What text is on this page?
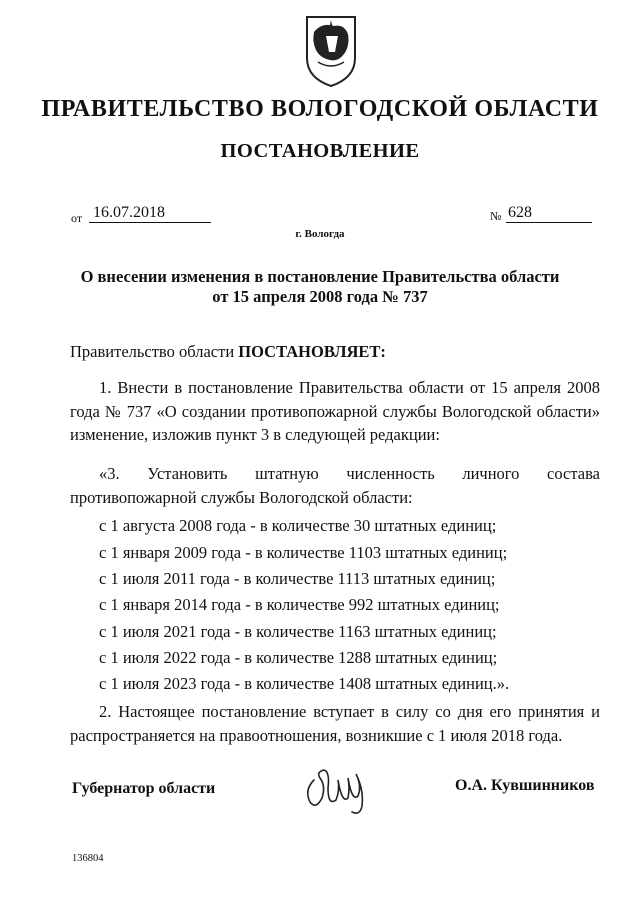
ПРАВИТЕЛЬСТВО ВОЛОГОДСКОЙ ОБЛАСТИ
ПОСТАНОВЛЕНИЕ
от 16.07.2018	№ 628
г. Вологда
О внесении изменения в постановление Правительства области
от 15 апреля 2008 года № 737
Правительство области ПОСТАНОВЛЯЕТ:
1. Внести в постановление Правительства области от 15 апреля 2008 года № 737 «О создании противопожарной службы Вологодской области» изменение, изложив пункт 3 в следующей редакции:
«3. Установить штатную численность личного состава противопожарной службы Вологодской области:
с 1 августа 2008 года - в количестве 30 штатных единиц;
с 1 января 2009 года - в количестве 1103 штатных единиц;
с 1 июля 2011 года - в количестве 1113 штатных единиц;
с 1 января 2014 года - в количестве 992 штатных единиц;
с 1 июля 2021 года - в количестве 1163 штатных единиц;
с 1 июля 2022 года - в количестве 1288 штатных единиц;
с 1 июля 2023 года - в количестве 1408 штатных единиц.».
2. Настоящее постановление вступает в силу со дня его принятия и распространяется на правоотношения, возникшие с 1 июля 2018 года.
Губернатор области	О.А. Кувшинников
136804
